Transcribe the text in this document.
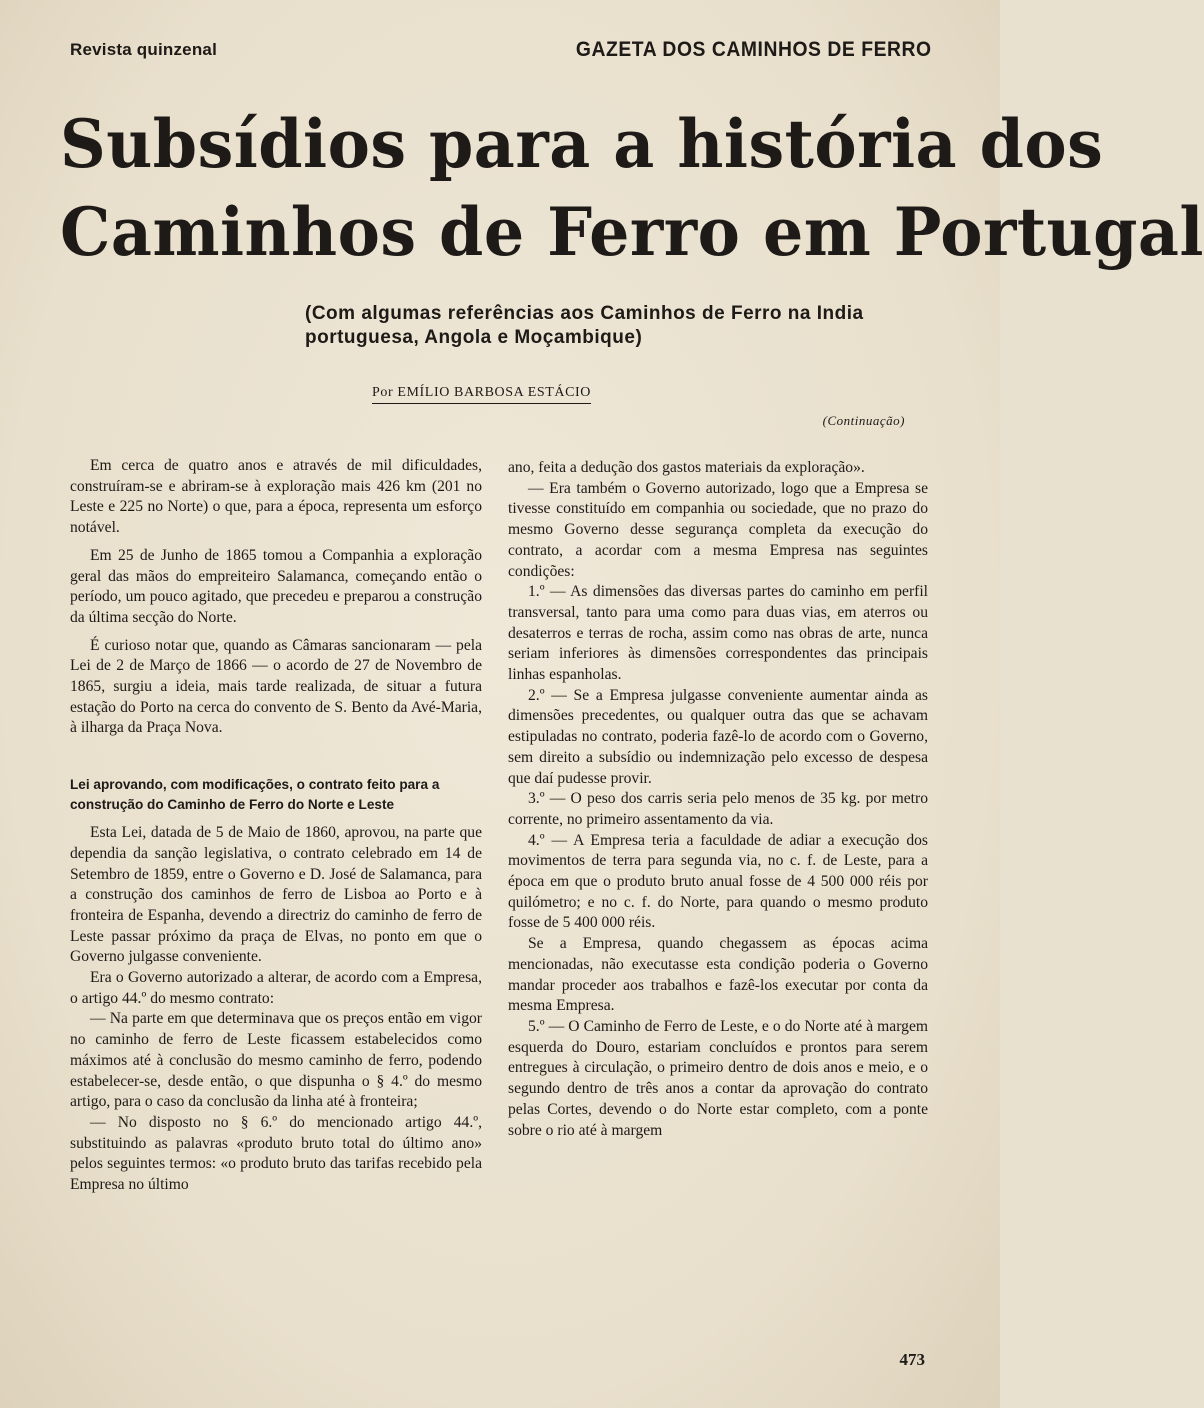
Revista quinzenal	GAZETA DOS CAMINHOS DE FERRO
Subsídios para a história dos
Caminhos de Ferro em Portugal
(Com algumas referências aos Caminhos de Ferro na India
portuguesa, Angola e Moçambique)
Por EMÍLIO BARBOSA ESTÁCIO
(Continuação)

Em cerca de quatro anos e através de mil dificuldades, construíram-se e abriram-se à exploração mais 426 km (201 no Leste e 225 no Norte) o que, para a época, representa um esforço notável.

Em 25 de Junho de 1865 tomou a Companhia a exploração geral das mãos do empreiteiro Salamanca, começando então o período, um pouco agitado, que precedeu e preparou a construção da última secção do Norte.

É curioso notar que, quando as Câmaras sancionaram — pela Lei de 2 de Março de 1866 — o acordo de 27 de Novembro de 1865, surgiu a ideia, mais tarde realizada, de situar a futura estação do Porto na cerca do convento de S. Bento da Avé-Maria, à ilharga da Praça Nova.

Lei aprovando, com modificações, o contrato feito para a construção do Caminho de Ferro do Norte e Leste

Esta Lei, datada de 5 de Maio de 1860, aprovou, na parte que dependia da sanção legislativa, o contrato celebrado em 14 de Setembro de 1859, entre o Governo e D. José de Salamanca, para a construção dos caminhos de ferro de Lisboa ao Porto e à fronteira de Espanha, devendo a directriz do caminho de ferro de Leste passar próximo da praça de Elvas, no ponto em que o Governo julgasse conveniente.

Era o Governo autorizado a alterar, de acordo com a Empresa, o artigo 44.º do mesmo contrato:

— Na parte em que determinava que os preços então em vigor no caminho de ferro de Leste ficassem estabelecidos como máximos até à conclusão do mesmo caminho de ferro, podendo estabelecer-se, desde então, o que dispunha o § 4.º do mesmo artigo, para o caso da conclusão da linha até à fronteira;

— No disposto no § 6.º do mencionado artigo 44.º, substituindo as palavras «produto bruto total do último ano» pelos seguintes termos: «o produto bruto das tarifas recebido pela Empresa no último

ano, feita a dedução dos gastos materiais da exploração».

— Era também o Governo autorizado, logo que a Empresa se tivesse constituído em companhia ou sociedade, que no prazo do mesmo Governo desse segurança completa da execução do contrato, a acordar com a mesma Empresa nas seguintes condições:

1.º — As dimensões das diversas partes do caminho em perfil transversal, tanto para uma como para duas vias, em aterros ou desaterros e terras de rocha, assim como nas obras de arte, nunca seriam inferiores às dimensões correspondentes das principais linhas espanholas.

2.º — Se a Empresa julgasse conveniente aumentar ainda as dimensões precedentes, ou qualquer outra das que se achavam estipuladas no contrato, poderia fazê-lo de acordo com o Governo, sem direito a subsídio ou indemnização pelo excesso de despesa que daí pudesse provir.

3.º — O peso dos carris seria pelo menos de 35 kg. por metro corrente, no primeiro assentamento da via.

4.º — A Empresa teria a faculdade de adiar a execução dos movimentos de terra para segunda via, no c. f. de Leste, para a época em que o produto bruto anual fosse de 4 500 000 réis por quilómetro; e no c. f. do Norte, para quando o mesmo produto fosse de 5 400 000 réis.

Se a Empresa, quando chegassem as épocas acima mencionadas, não executasse esta condição poderia o Governo mandar proceder aos trabalhos e fazê-los executar por conta da mesma Empresa.

5.º — O Caminho de Ferro de Leste, e o do Norte até à margem esquerda do Douro, estariam concluídos e prontos para serem entregues à circulação, o primeiro dentro de dois anos e meio, e o segundo dentro de três anos a contar da aprovação do contrato pelas Cortes, devendo o do Norte estar completo, com a ponte sobre o rio até à margem

473
